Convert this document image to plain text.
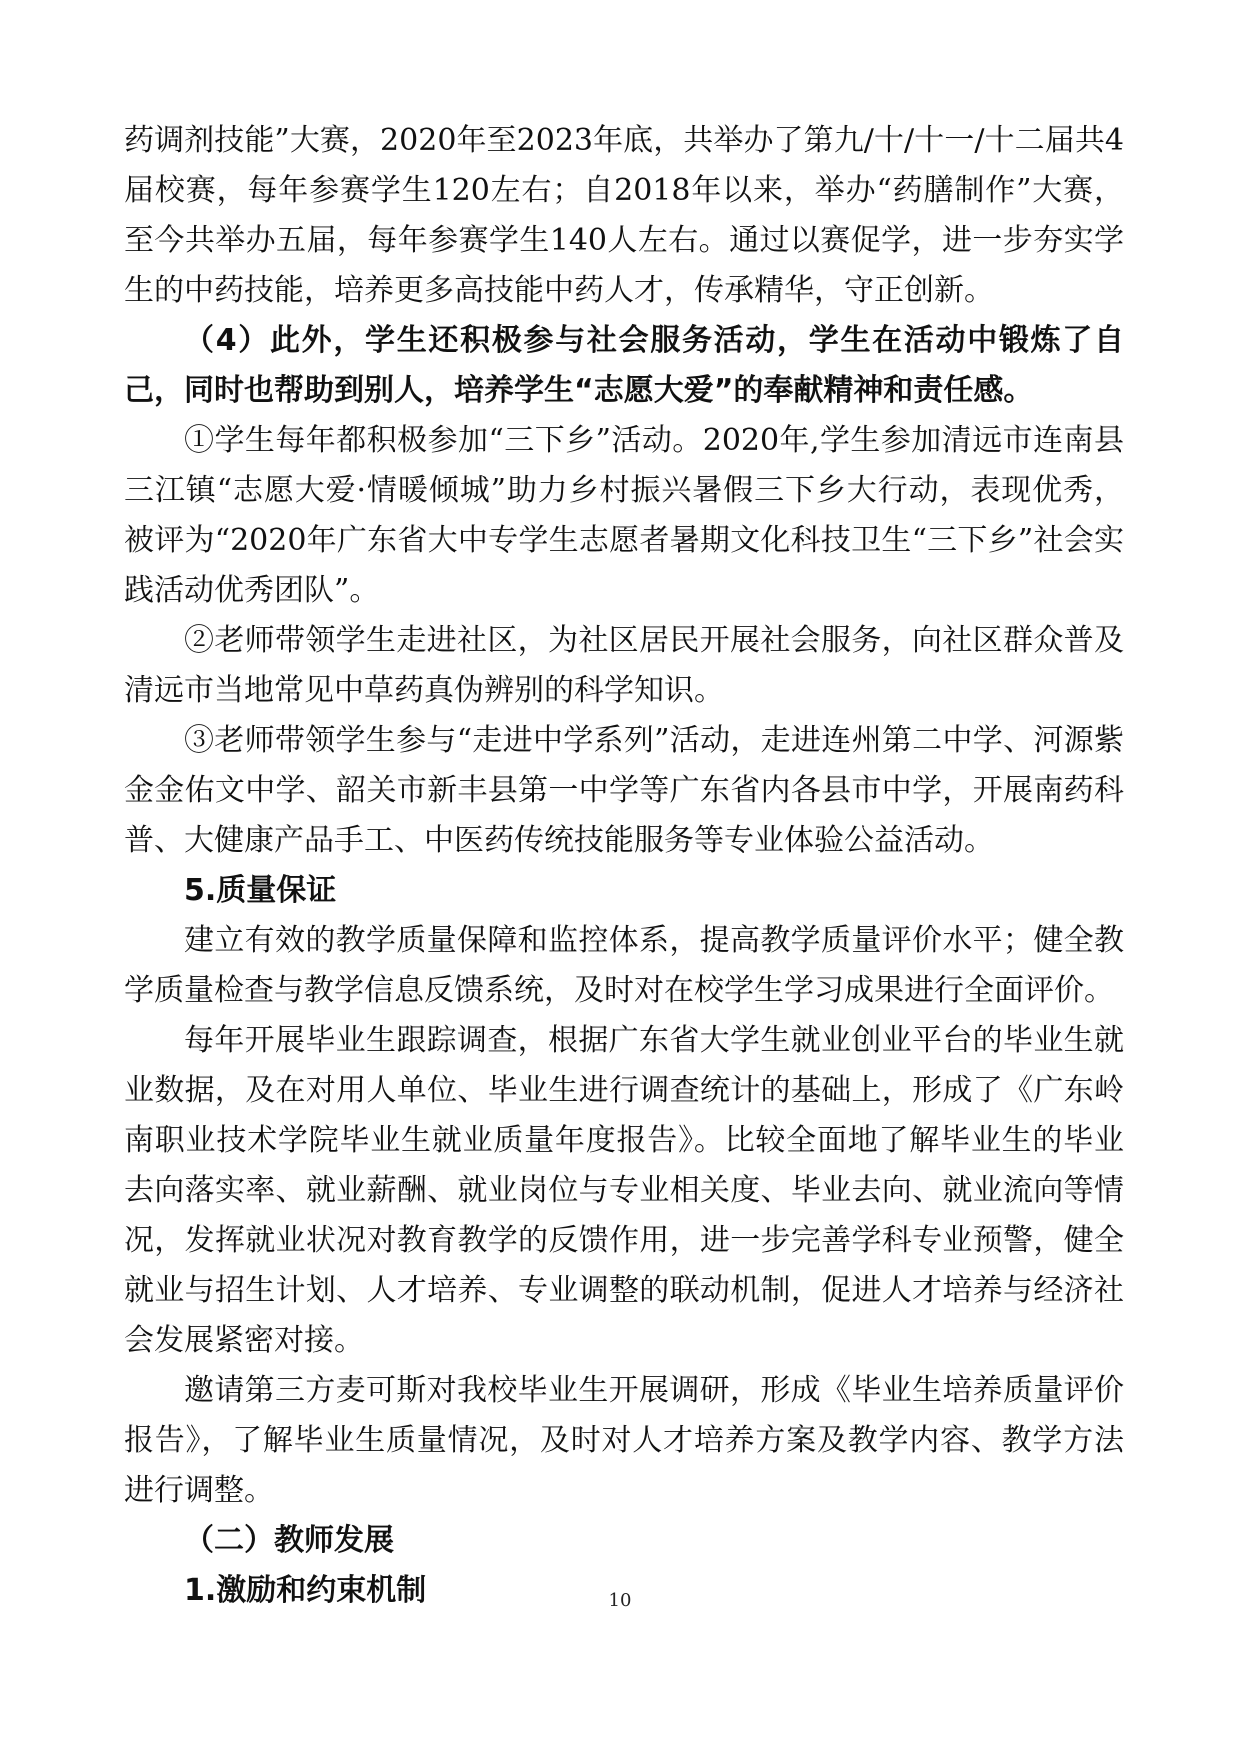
药调剂技能”大赛，2020年至2023年底，共举办了第九/十/十一/十二届共4届校赛，每年参赛学生120左右；自2018年以来，举办“药膳制作”大赛，至今共举办五届，每年参赛学生140人左右。通过以赛促学，进一步夯实学生的中药技能，培养更多高技能中药人才，传承精华，守正创新。

（4）此外，学生还积极参与社会服务活动，学生在活动中锻炼了自己，同时也帮助到别人，培养学生“志愿大爱”的奉献精神和责任感。

①学生每年都积极参加“三下乡”活动。2020年,学生参加清远市连南县三江镇“志愿大爱·情暖倾城”助力乡村振兴暑假三下乡大行动，表现优秀，被评为“2020年广东省大中专学生志愿者暑期文化科技卫生“三下乡”社会实践活动优秀团队”。

②老师带领学生走进社区，为社区居民开展社会服务，向社区群众普及清远市当地常见中草药真伪辨别的科学知识。

③老师带领学生参与“走进中学系列”活动，走进连州第二中学、河源紫金金佑文中学、韶关市新丰县第一中学等广东省内各县市中学，开展南药科普、大健康产品手工、中医药传统技能服务等专业体验公益活动。

5.质量保证

建立有效的教学质量保障和监控体系，提高教学质量评价水平；健全教学质量检查与教学信息反馈系统，及时对在校学生学习成果进行全面评价。

每年开展毕业生跟踪调查，根据广东省大学生就业创业平台的毕业生就业数据，及在对用人单位、毕业生进行调查统计的基础上，形成了《广东岭南职业技术学院毕业生就业质量年度报告》。比较全面地了解毕业生的毕业去向落实率、就业薪酬、就业岗位与专业相关度、毕业去向、就业流向等情况，发挥就业状况对教育教学的反馈作用，进一步完善学科专业预警，健全就业与招生计划、人才培养、专业调整的联动机制，促进人才培养与经济社会发展紧密对接。

邀请第三方麦可斯对我校毕业生开展调研，形成《毕业生培养质量评价报告》，了解毕业生质量情况，及时对人才培养方案及教学内容、教学方法进行调整。

（二）教师发展

1.激励和约束机制	10
